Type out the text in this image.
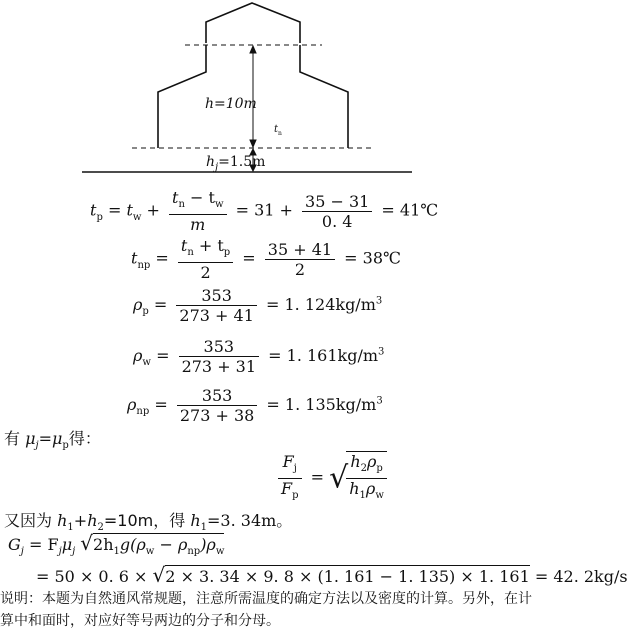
h=10m
$t_n$
$h_j=1.5m$
$t_p = t_w + \frac{t_n - t_w}{m} = 31 + \frac{35 - 31}{0. 4}$ = 41℃
$t_{np} = \frac{t_n + t_p}{2} = \frac{35 + 41}{2}$ = 38℃
$\rho_p = \frac{353}{273 + 41} = 1$. $124kg/m^3$
$\rho_w = \frac{353}{273 + 31} = 1$. $161kg/m^3$
$\rho_{np} = \frac{353}{273 + 38} = 1$. $135kg/m^3$
有 $\mu_j=\mu_p$得：
$\frac{F_j}{F_p}$ = √
$\frac{h_2\rho_p}{h_1\rho_w}$
又因为 $h_1+h_2=10m$，得 $h_1=3$. 34m。
$G_j = F_j\mu_j$ $√2h_1g(\rho_w - \rho_{np})\rho_w$
= 50 × 0. 6 × √2 × 3. 34 × 9. 8 × (1. 161 − 1. 135) × 1. 161 = 42. 2kg/s
说明：本题为自然通风常规题，注意所需温度的确定方法以及密度的计算。另外，在计
算中和面时，对应好等号两边的分子和分母。
